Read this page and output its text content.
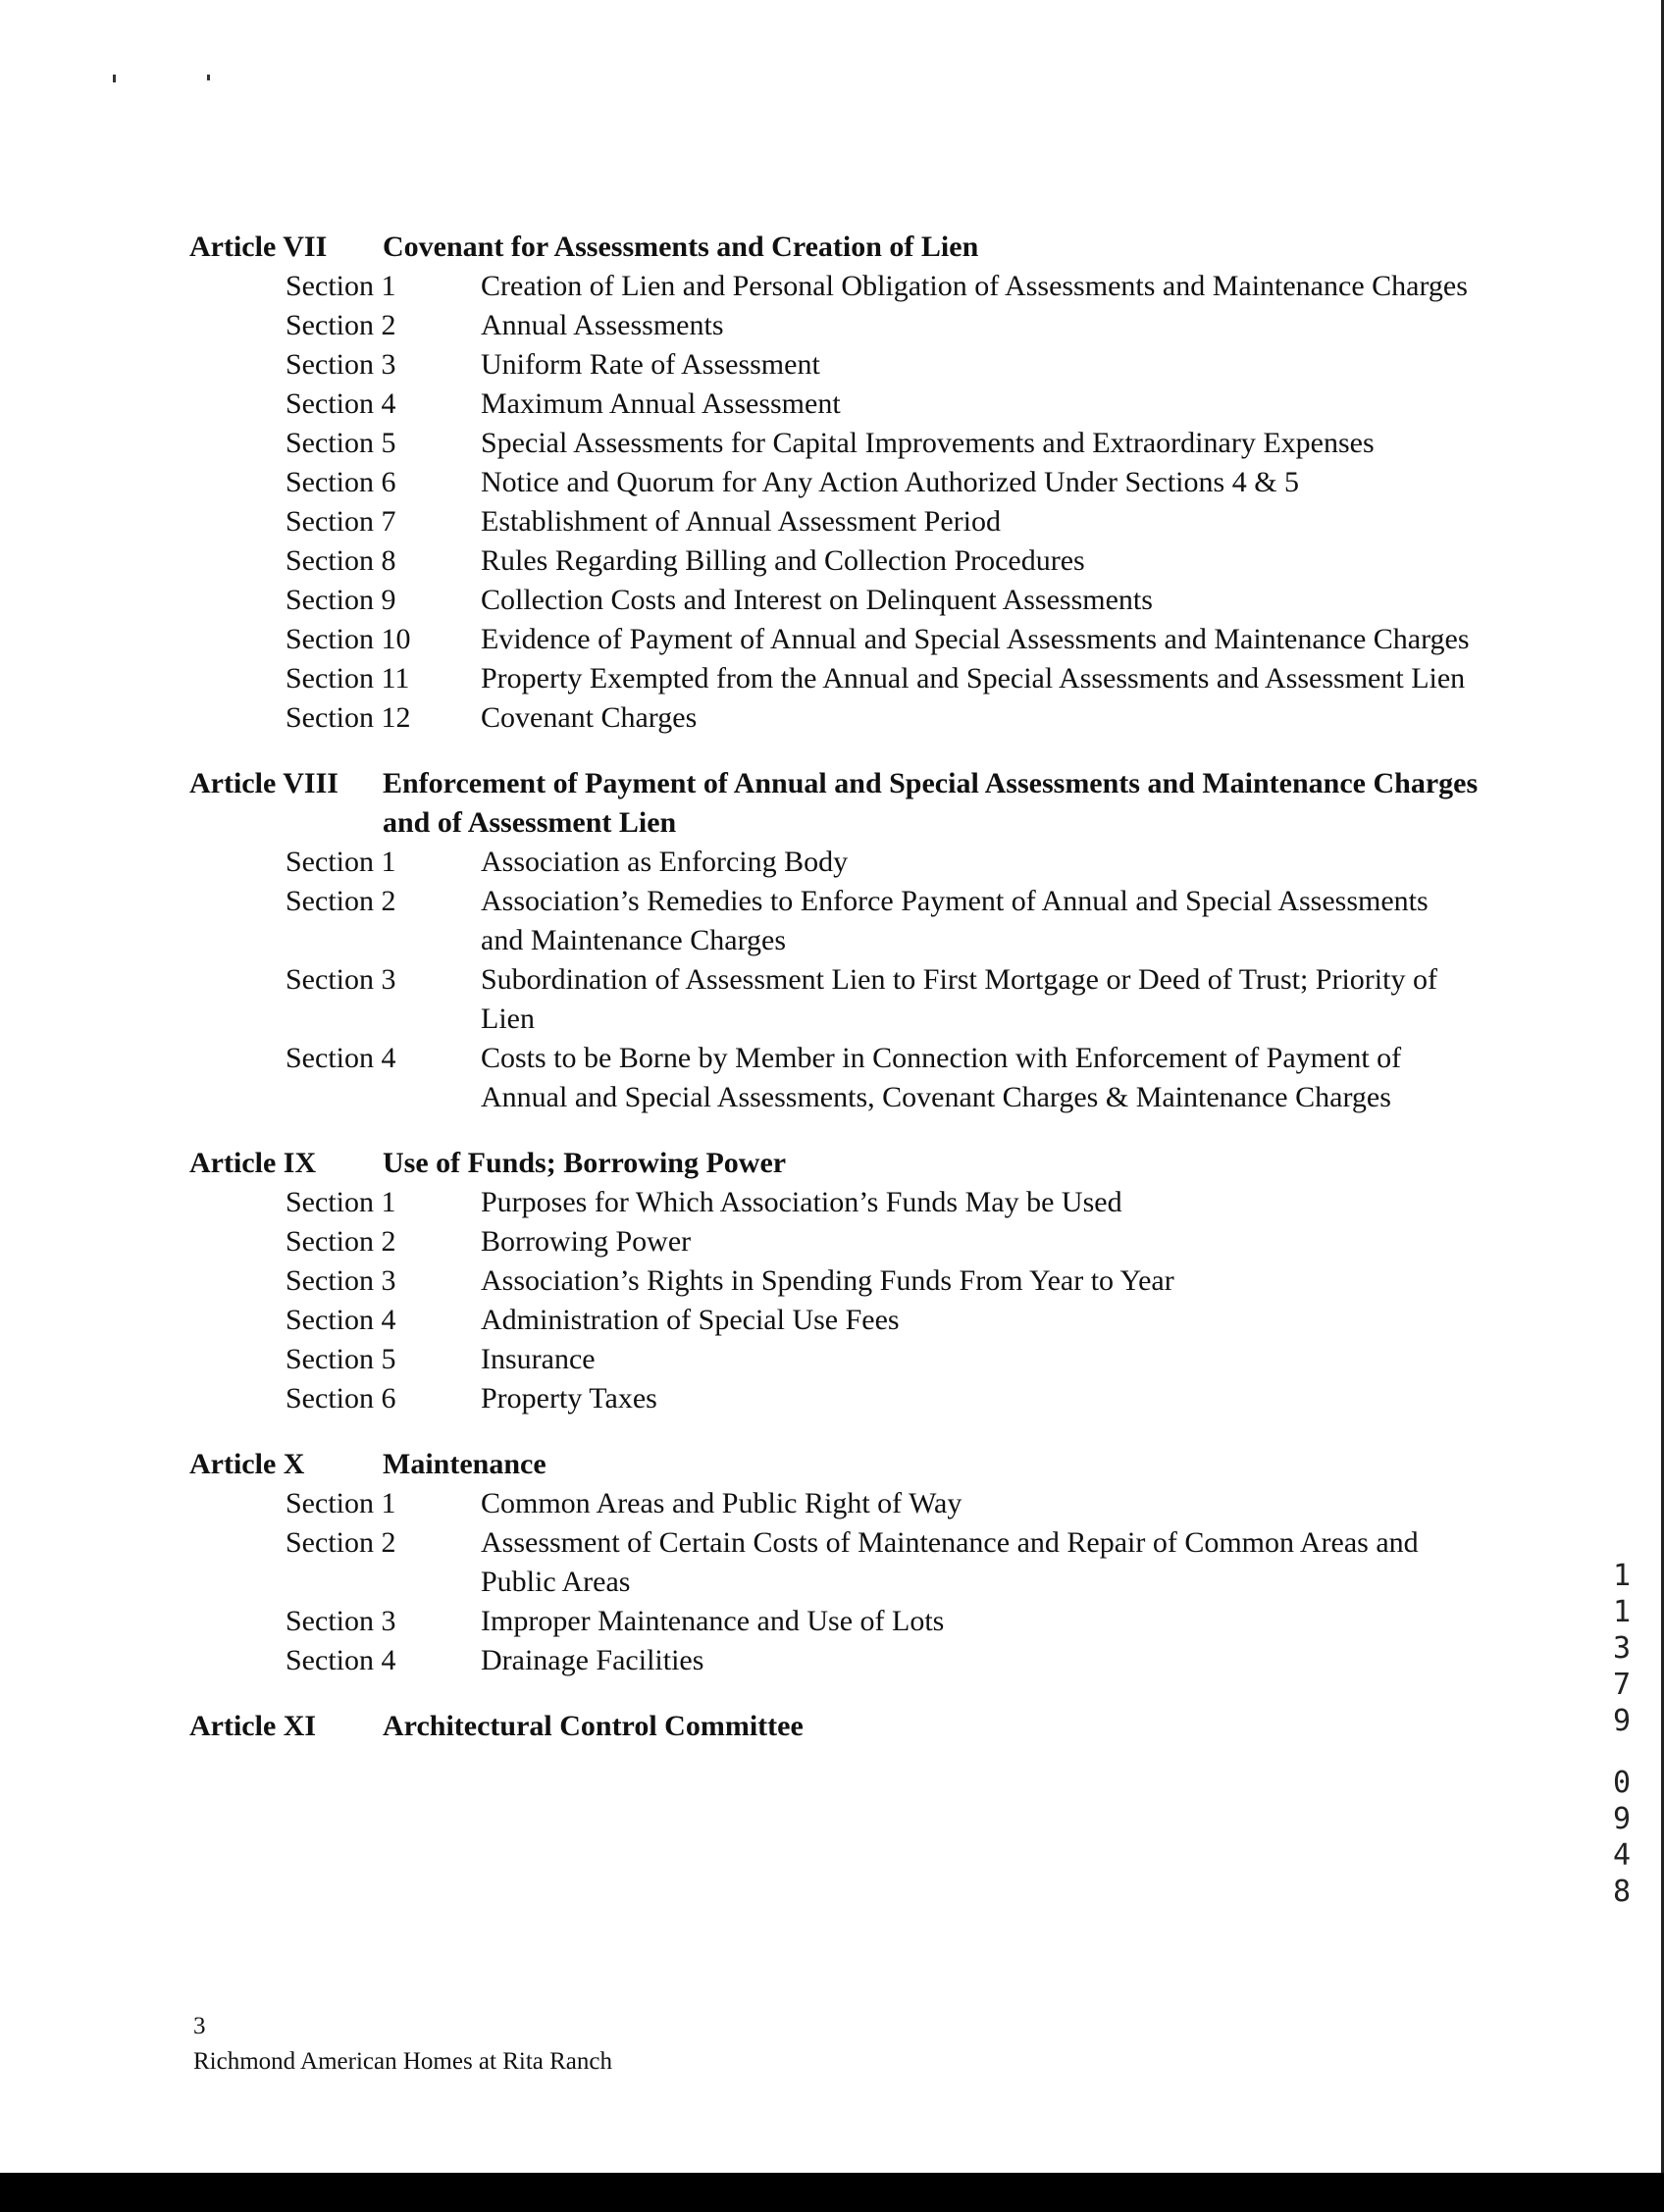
Article VII	Covenant for Assessments and Creation of Lien
Section 1	Creation of Lien and Personal Obligation of Assessments and Maintenance Charges
Section 2	Annual Assessments
Section 3	Uniform Rate of Assessment
Section 4	Maximum Annual Assessment
Section 5	Special Assessments for Capital Improvements and Extraordinary Expenses
Section 6	Notice and Quorum for Any Action Authorized Under Sections 4 & 5
Section 7	Establishment of Annual Assessment Period
Section 8	Rules Regarding Billing and Collection Procedures
Section 9	Collection Costs and Interest on Delinquent Assessments
Section 10	Evidence of Payment of Annual and Special Assessments and Maintenance Charges
Section 11	Property Exempted from the Annual and Special Assessments and Assessment Lien
Section 12	Covenant Charges
Article VIII	Enforcement of Payment of Annual and Special Assessments and Maintenance Charges and of Assessment Lien
Section 1	Association as Enforcing Body
Section 2	Association’s Remedies to Enforce Payment of Annual and Special Assessments and Maintenance Charges
Section 3	Subordination of Assessment Lien to First Mortgage or Deed of Trust; Priority of Lien
Section 4	Costs to be Borne by Member in Connection with Enforcement of Payment of Annual and Special Assessments, Covenant Charges & Maintenance Charges
Article IX	Use of Funds; Borrowing Power
Section 1	Purposes for Which Association’s Funds May be Used
Section 2	Borrowing Power
Section 3	Association’s Rights in Spending Funds From Year to Year
Section 4	Administration of Special Use Fees
Section 5	Insurance
Section 6	Property Taxes
Article X	Maintenance
Section 1	Common Areas and Public Right of Way
Section 2	Assessment of Certain Costs of Maintenance and Repair of Common Areas and Public Areas
Section 3	Improper Maintenance and Use of Lots
Section 4	Drainage Facilities
Article XI	Architectural Control Committee
3
Richmond American Homes at Rita Ranch
1
1
3
7
9
0
9
4
8
